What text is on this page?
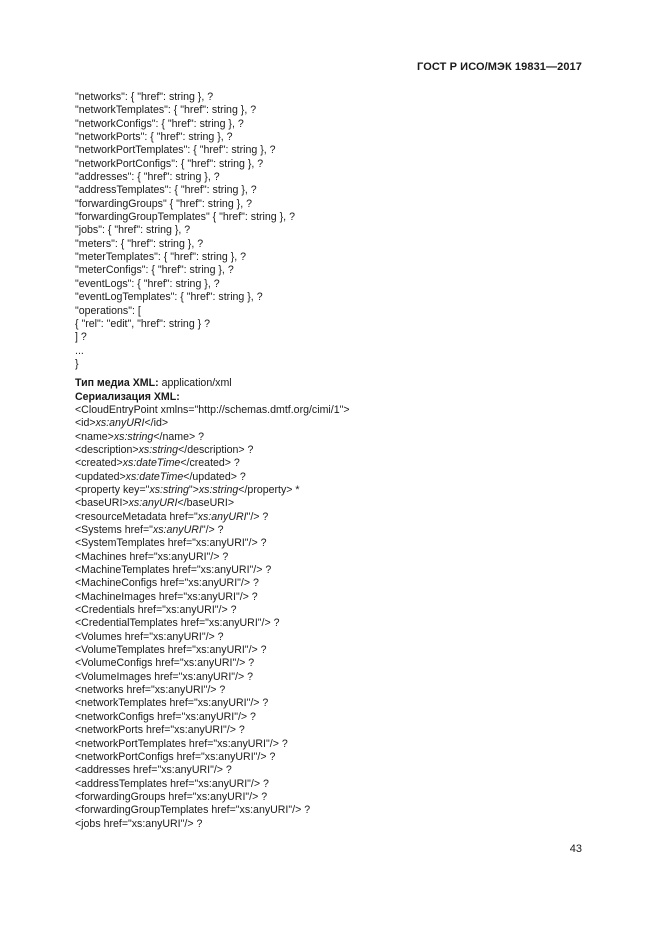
ГОСТ Р ИСО/МЭК 19831—2017
"networks": { "href": string }, ?
"networkTemplates": { "href": string }, ?
"networkConfigs": { "href": string }, ?
"networkPorts": { "href": string }, ?
"networkPortTemplates": { "href": string }, ?
"networkPortConfigs": { "href": string }, ?
"addresses": { "href": string }, ?
"addressTemplates": { "href": string }, ?
"forwardingGroups" { "href": string }, ?
"forwardingGroupTemplates" { "href": string }, ?
"jobs": { "href": string }, ?
"meters": { "href": string }, ?
"meterTemplates": { "href": string }, ?
"meterConfigs": { "href": string }, ?
"eventLogs": { "href": string }, ?
"eventLogTemplates": { "href": string }, ?
"operations": [
{ "rel": "edit", "href": string } ?
] ?
...
}
Тип медиа XML: application/xml
Сериализация XML:
<CloudEntryPoint xmlns="http://schemas.dmtf.org/cimi/1">
<id>xs:anyURI</id>
<name>xs:string</name> ?
<description>xs:string</description> ?
<created>xs:dateTime</created> ?
<updated>xs:dateTime</updated> ?
<property key="xs:string">xs:string</property> *
<baseURI>xs:anyURI</baseURI>
<resourceMetadata href="xs:anyURI"/> ?
<Systems href="xs:anyURI"/> ?
<SystemTemplates href="xs:anyURI"/> ?
<Machines href="xs:anyURI"/> ?
<MachineTemplates href="xs:anyURI"/> ?
<MachineConfigs href="xs:anyURI"/> ?
<MachineImages href="xs:anyURI"/> ?
<Credentials href="xs:anyURI"/> ?
<CredentialTemplates href="xs:anyURI"/> ?
<Volumes href="xs:anyURI"/> ?
<VolumeTemplates href="xs:anyURI"/> ?
<VolumeConfigs href="xs:anyURI"/> ?
<VolumeImages href="xs:anyURI"/> ?
<networks href="xs:anyURI"/> ?
<networkTemplates href="xs:anyURI"/> ?
<networkConfigs href="xs:anyURI"/> ?
<networkPorts href="xs:anyURI"/> ?
<networkPortTemplates href="xs:anyURI"/> ?
<networkPortConfigs href="xs:anyURI"/> ?
<addresses href="xs:anyURI"/> ?
<addressTemplates href="xs:anyURI"/> ?
<forwardingGroups href="xs:anyURI"/> ?
<forwardingGroupTemplates href="xs:anyURI"/> ?
<jobs href="xs:anyURI"/> ?
43
